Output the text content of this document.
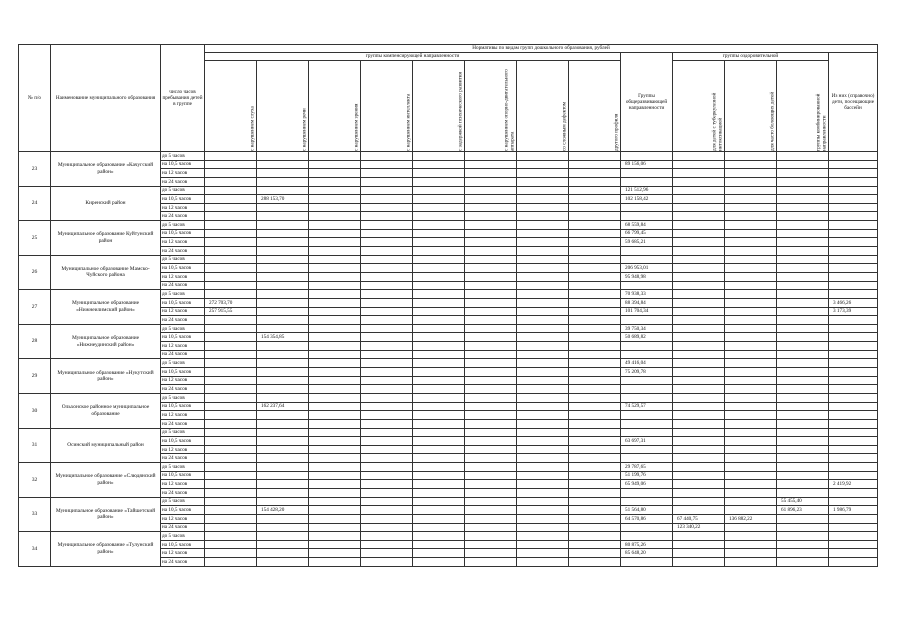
№ п/о	Наименование муниципального образования	число часов пребывания детей в группе	Нормативы по видам групп дошкольного образования, рублей												
			группы компенсирующей направленности								Группы общеразвивающей направленности	группы оздоровительной			Из них (справочно) дети, посещающие бассейн
			с нарушением слуха	с нарушением речи	с нарушением зрения	с нарушением интеллекта	с задержкой психического развития	с нарушением опорно-двигательного аппарата	со сложным дефектом	другого профиля		для детей с туберкулезной интоксикацией	для часто болеющих детей	группы комбинированной направленности	
23	Муниципальное образование «Качугский район»	до 5 часов													
		на 10,5 часов									89 156,06				
		на 12 часов													
		на 24 часов													
24	Киренский район	до 5 часов									121 512,96				
		на 10,5 часов		288 153,70							102 158,42				
		на 12 часов													
		на 24 часов													
25	Муниципальное образование Куйтунский район	до 5 часов									68 559,84				
		на 10,5 часов									66 799,45				
		на 12 часов									59 685,21				
		на 24 часов													
26	Муниципальное образование Мамско-Чуйского района	до 5 часов													
		на 10,5 часов									206 953,01				
		на 12 часов									95 948,98				
		на 24 часов													
27	Муниципальное образование «Нижнеилимский район»	до 5 часов									70 938,33				
		на 10,5 часов	272 703,70								88 394,84				3 466,26
		на 12 часов	257 915,55								101 704,34				3 173,39
		на 24 часов													
28	Муниципальное образование «Нижнеудинский район»	до 5 часов									39 750,34				
		на 10,5 часов		154 354,85							50 689,82				
		на 12 часов													
		на 24 часов													
29	Муниципальное образование «Нукутский район»	до 5 часов									49 416,04				
		на 10,5 часов									75 209,78				
		на 12 часов													
		на 24 часов													
30	Ольхонское районное муниципальное образование	до 5 часов													
		на 10,5 часов		162 237,64							74 529,57				
		на 12 часов													
		на 24 часов													
31	Осинский муниципальный район	до 5 часов													
		на 10,5 часов									63 697,31				
		на 12 часов													
		на 24 часов													
32	Муниципальное образование «Слюдянский район»	до 5 часов									29 787,65				
		на 10,5 часов									51 199,76				
		на 12 часов									65 949,06				2 419,92
		на 24 часов													
33	Муниципальное образование «Тайшетский район»	до 5 часов												55 455,40	
		на 10,5 часов		154 428,20							51 564,80			61 896,23	1 986,79
		на 12 часов									64 570,86	67 440,75	136 882,22		
		на 24 часов										123 340,22			
34	Муниципальное образование «Тулунский район»	до 5 часов													
		на 10,5 часов									80 875,26				
		на 12 часов									85 648,20				
		на 24 часов													
